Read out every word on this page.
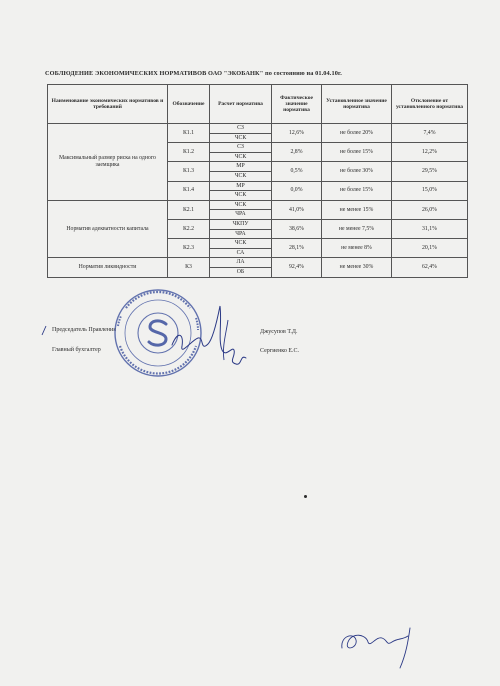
СОБЛЮДЕНИЕ ЭКОНОМИЧЕСКИХ НОРМАТИВОВ ОАО "ЭКОБАНК" по состоянию на 01.04.10г.
Наименование экономических нормативов и требований	Обозначение	Расчет норматива	Фактическое значение норматива	Установленное значение норматива	Отклонение от установленного норматива
Максимальный размер риска на одного заемщика	К1.1	СЗ	12,6%	не более 20%	7,4%
		ЧСК			
	К1.2	СЗ	2,8%	не более 15%	12,2%
		ЧСК			
	К1.3	МР	0,5%	не более 30%	29,5%
		ЧСК			
	К1.4	МР	0,0%	не более 15%	15,0%
		ЧСК			
Норматив адекватности капитала	К2.1	ЧСК	41,0%	не менее 15%	26,0%
		ЧРА			
	К2.2	ЧКПУ	38,6%	не менее 7,5%	31,1%
		ЧРА			
	К2.3	ЧСК	28,1%	не менее 8%	20,1%
		СА			
Норматив ликвидности	К3	ЛА	92,4%	не менее 30%	62,4%
		ОБ			
Председатель Правления	Джусупов Т.Д.
Главный бухгалтер	Сергиенко Е.С.
